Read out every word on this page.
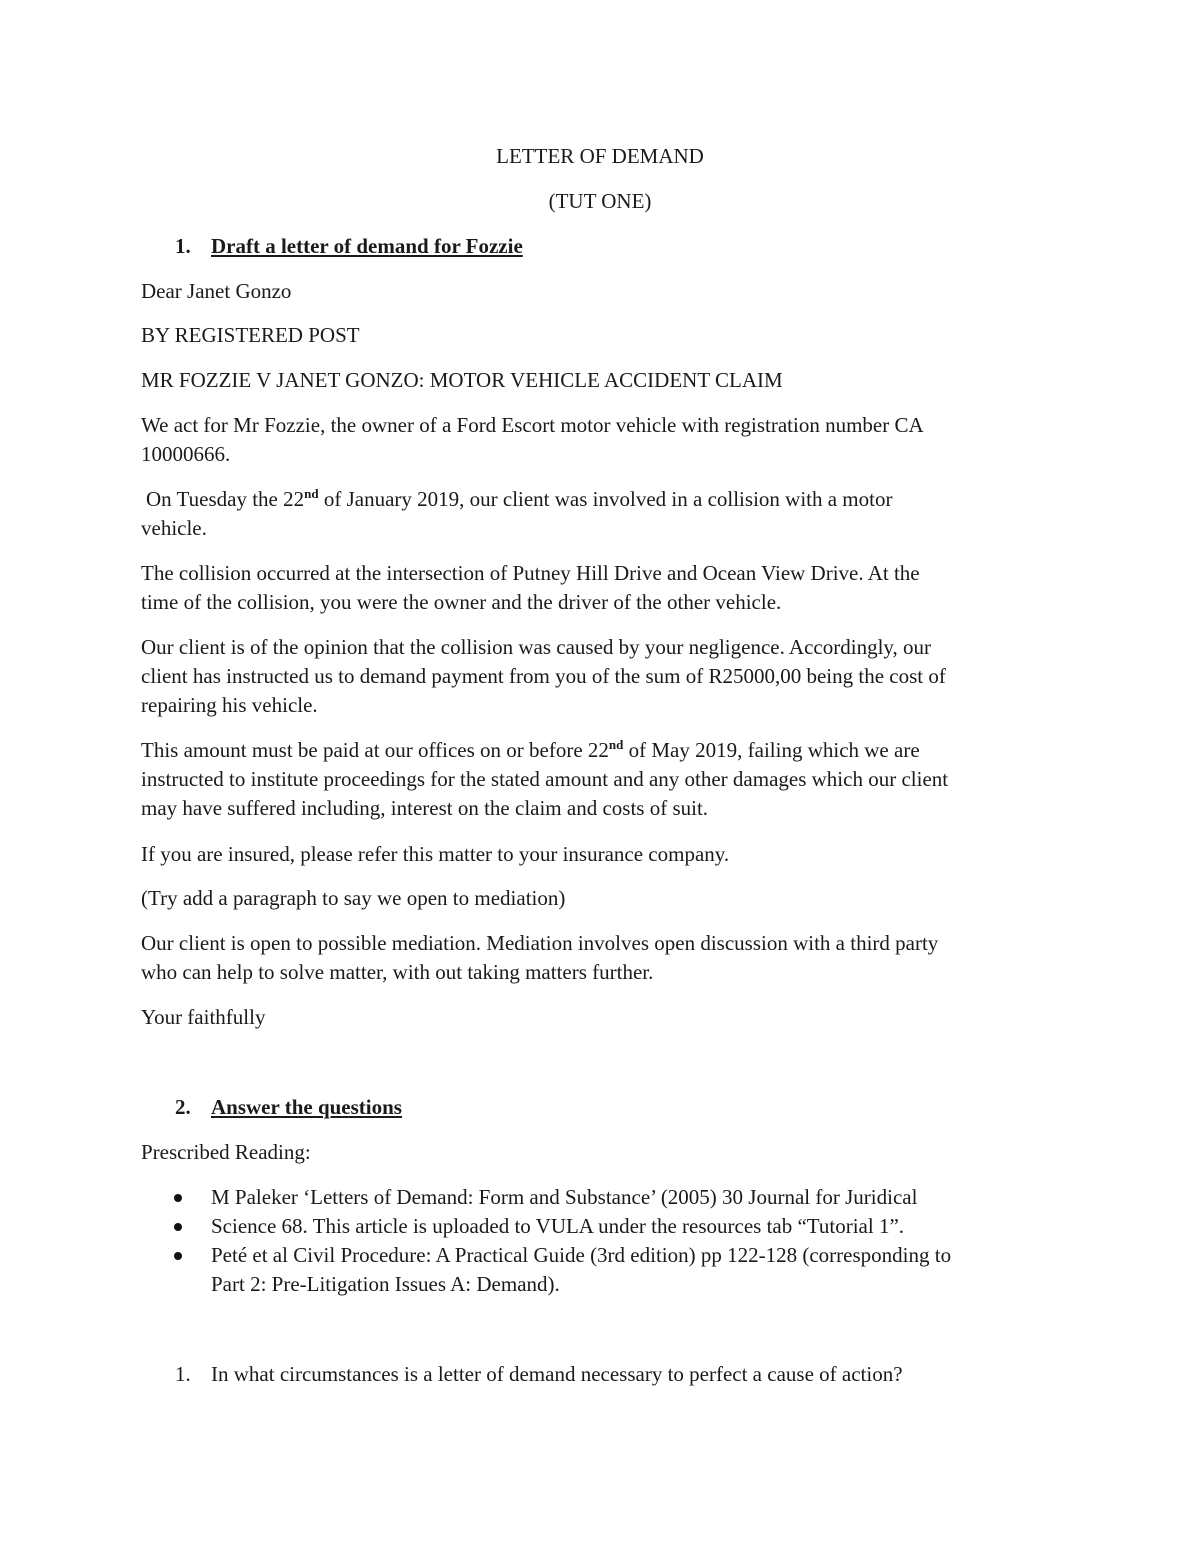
LETTER OF DEMAND

(TUT ONE)

1. Draft a letter of demand for Fozzie

Dear Janet Gonzo

BY REGISTERED POST

MR FOZZIE V JANET GONZO: MOTOR VEHICLE ACCIDENT CLAIM

We act for Mr Fozzie, the owner of a Ford Escort motor vehicle with registration number CA

10000666.

On Tuesday the 22nd of January 2019, our client was involved in a collision with a motor

vehicle.

The collision occurred at the intersection of Putney Hill Drive and Ocean View Drive. At the

time of the collision, you were the owner and the driver of the other vehicle.

Our client is of the opinion that the collision was caused by your negligence. Accordingly, our

client has instructed us to demand payment from you of the sum of R25000,00 being the cost of

repairing his vehicle.

This amount must be paid at our offices on or before 22nd of May 2019, failing which we are

instructed to institute proceedings for the stated amount and any other damages which our client

may have suffered including, interest on the claim and costs of suit.

If you are insured, please refer this matter to your insurance company.

(Try add a paragraph to say we open to mediation)

Our client is open to possible mediation. Mediation involves open discussion with a third party

who can help to solve matter, with out taking matters further.

Your faithfully

2. Answer the questions

Prescribed Reading:

M Paleker ‘Letters of Demand: Form and Substance’ (2005) 30 Journal for Juridical
Science 68. This article is uploaded to VULA under the resources tab “Tutorial 1”.
Peté et al Civil Procedure: A Practical Guide (3rd edition) pp 122-128 (corresponding to
Part 2: Pre-Litigation Issues A: Demand).
1. In what circumstances is a letter of demand necessary to perfect a cause of action?
